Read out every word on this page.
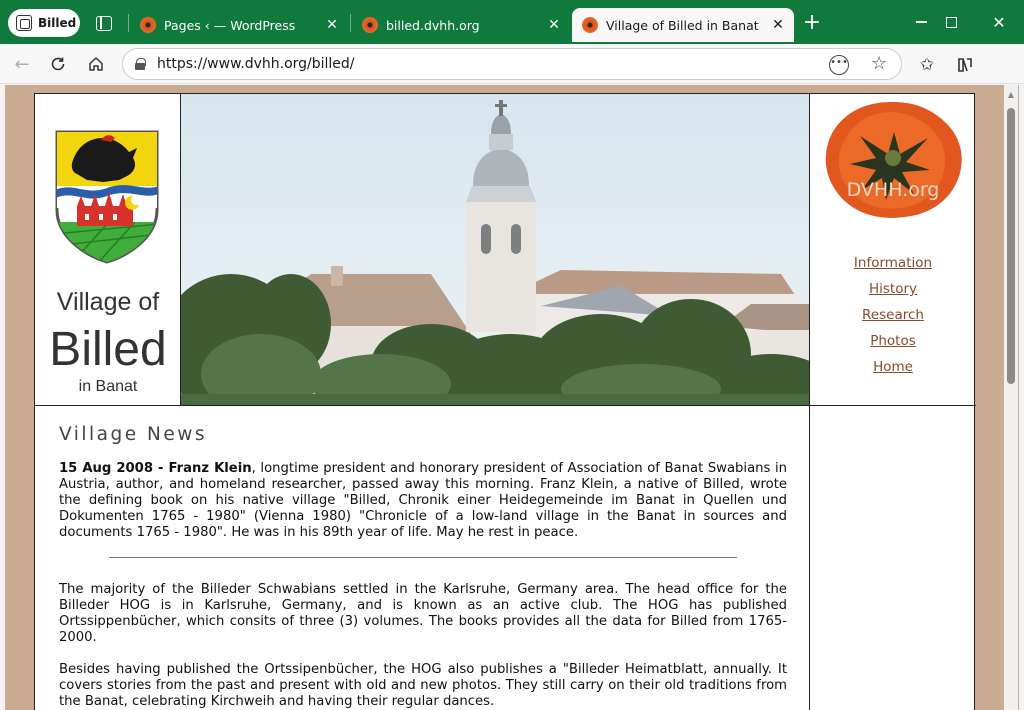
Billed	Pages ‹ — WordPress ✕	billed.dvhh.org	✕	Village of Billed in Banat ✕ +	✕
←	https://www.dvhh.org/billed/	••• ☆	✩
Village of
Billed
in Banat
DVHH.org
Information
History
Research
Photos
Home
Village News

15 Aug 2008 - Franz Klein, longtime president and honorary president of Association of Banat Swabians in Austria, author, and homeland researcher, passed away this morning. Franz Klein, a native of Billed, wrote the defining book on his native village "Billed, Chronik einer Heidegemeinde im Banat in Quellen und Dokumenten 1765 - 1980" (Vienna 1980) "Chronicle of a low-land village in the Banat in sources and documents 1765 - 1980". He was in his 89th year of life. May he rest in peace.

The majority of the Billeder Schwabians settled in the Karlsruhe, Germany area. The head office for the Billeder HOG is in Karlsruhe, Germany, and is known as an active club. The HOG has published Ortssippenbücher, which consits of three (3) volumes. The books provides all the data for Billed from 1765-2000.

Besides having published the Ortssipenbücher, the HOG also publishes a "Billeder Heimatblatt, annually. It covers stories from the past and present with old and new photos. They still carry on their old traditions from the Banat, celebrating Kirchweih and having their regular dances.

▲
